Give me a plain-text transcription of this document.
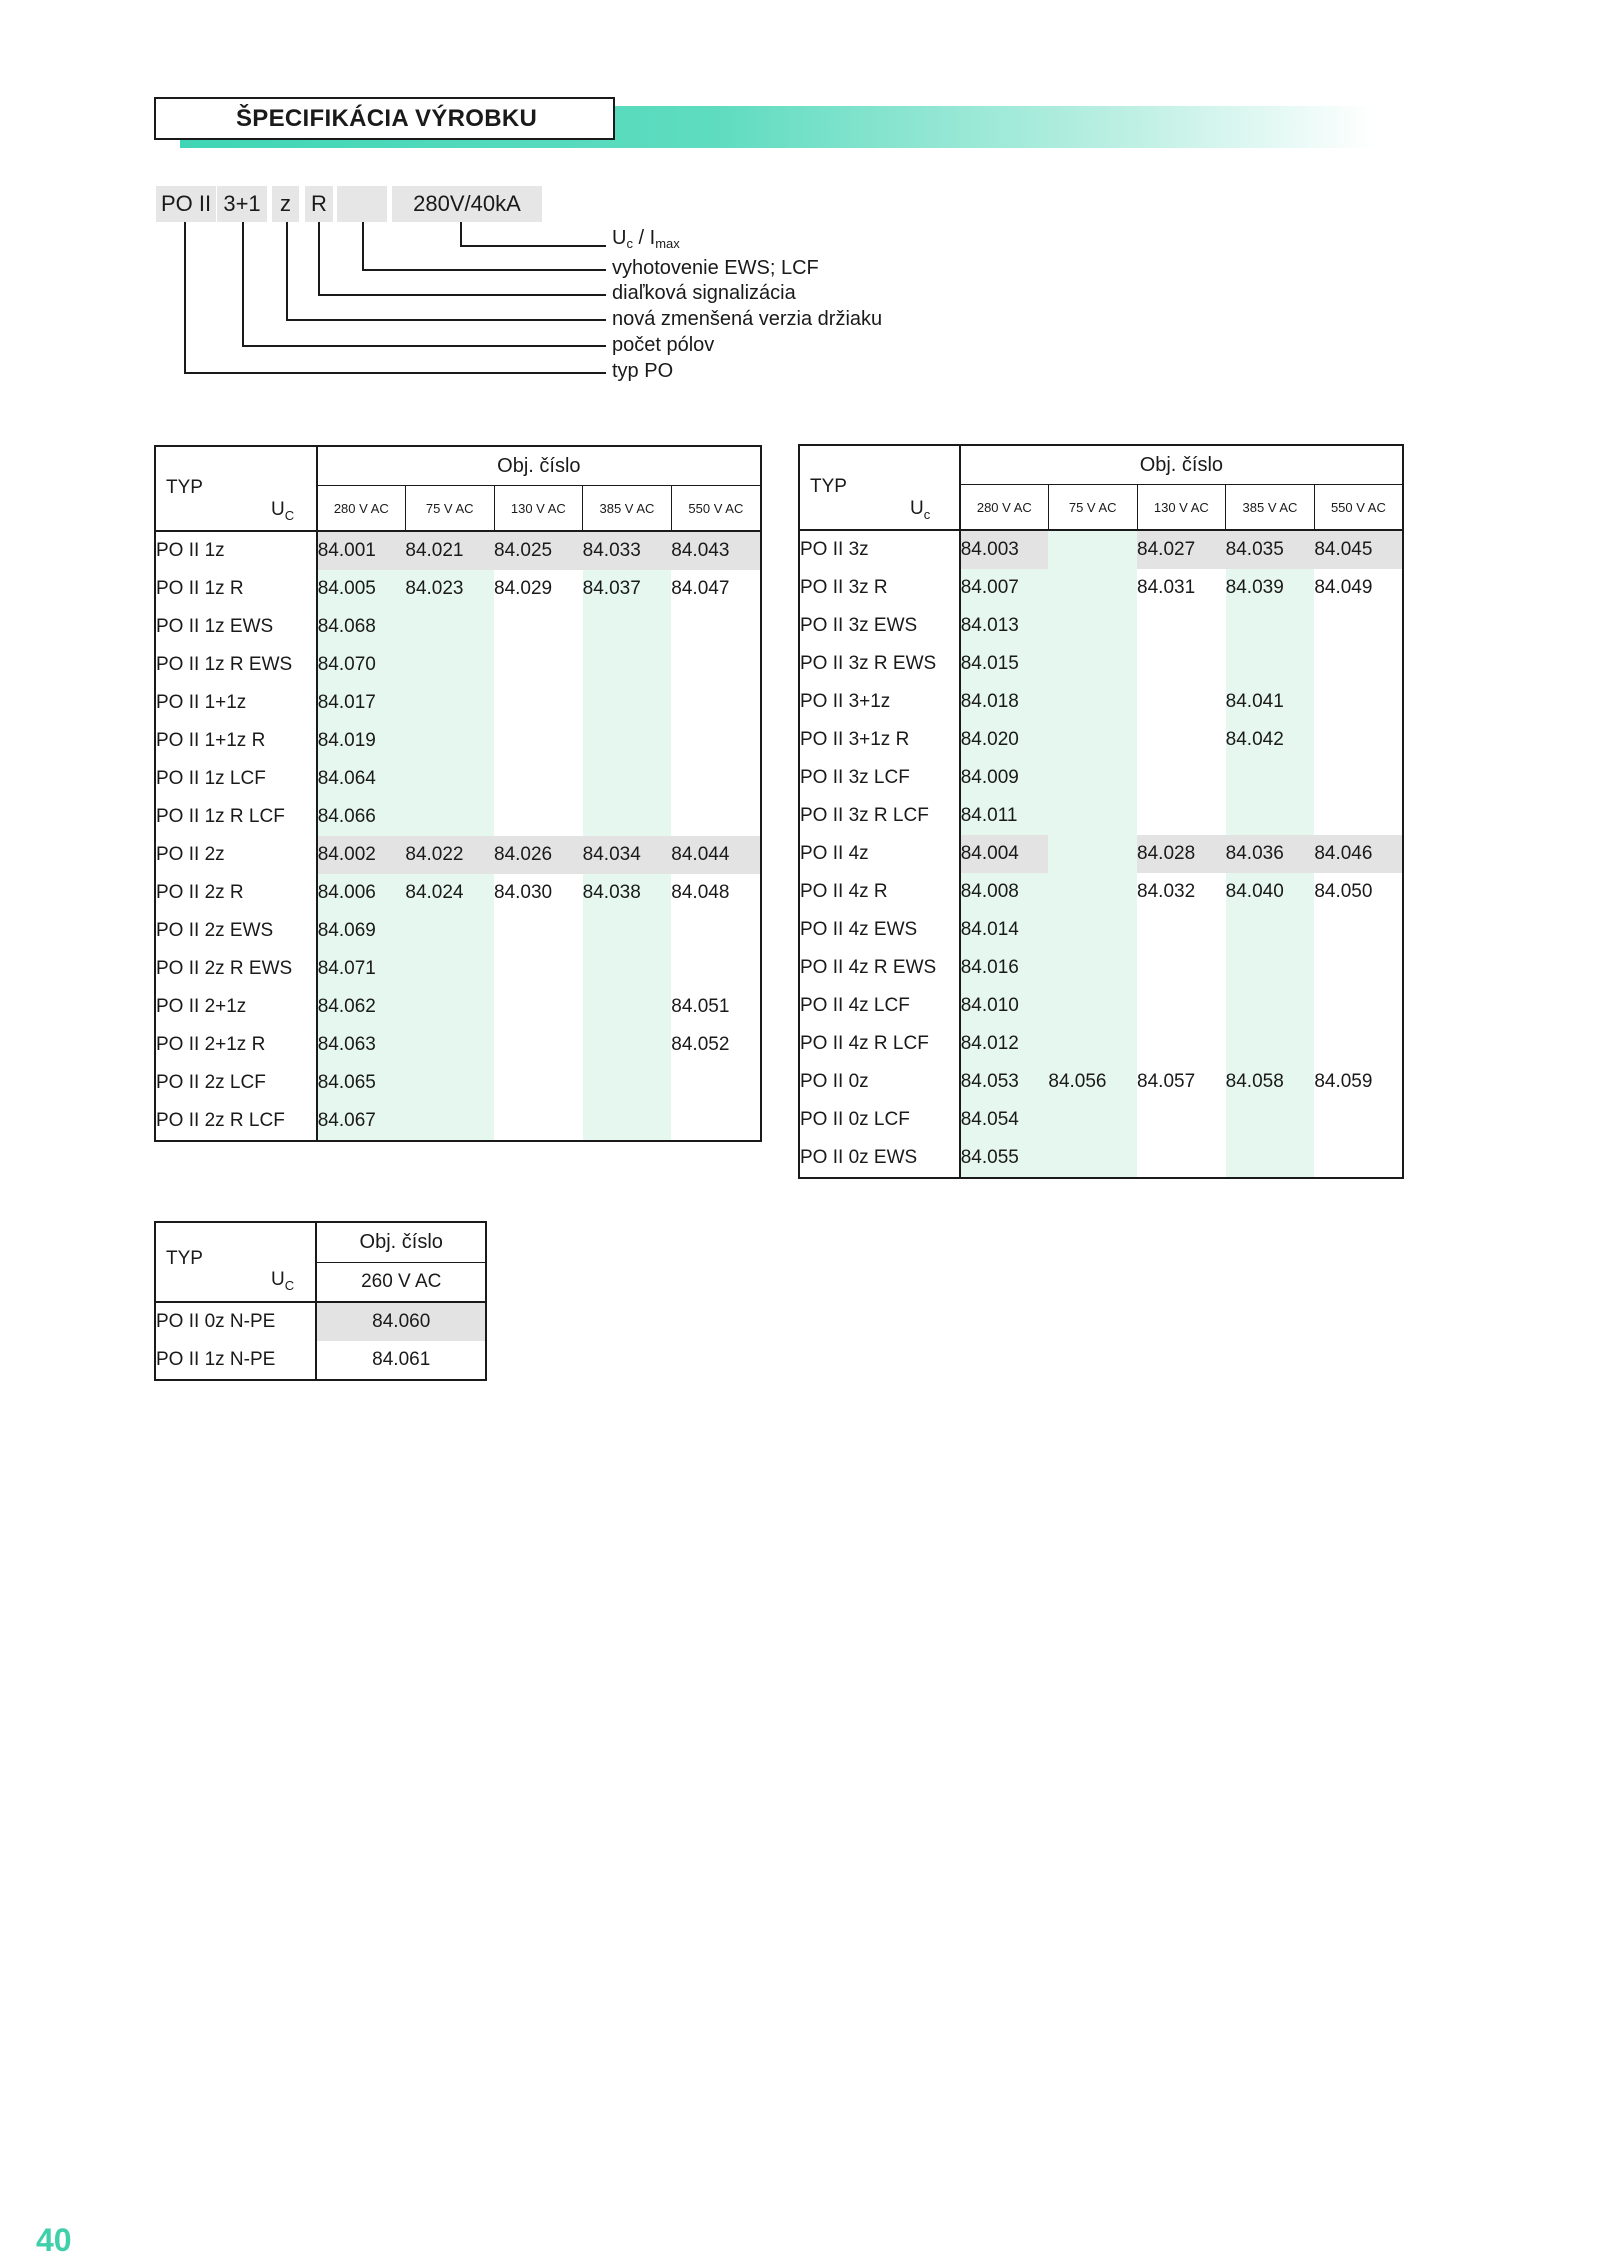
ŠPECIFIKÁCIA VÝROBKU
PO II 3+1 z R	280V/40kA
$U_c / I_{max}$
vyhotovenie EWS; LCF
diaľková signalizácia
nová zmenšená verzia držiaku
počet pólov
typ PO
TYP
$U_C$	Obj. číslo				
	280 V AC	75 V AC	130 V AC	385 V AC	550 V AC
PO II 1z	84.001	84.021	84.025	84.033	84.043
PO II 1z R	84.005	84.023	84.029	84.037	84.047
PO II 1z EWS	84.068				
PO II 1z R EWS	84.070				
PO II 1+1z	84.017				
PO II 1+1z R	84.019				
PO II 1z LCF	84.064				
PO II 1z R LCF	84.066				
PO II 2z	84.002	84.022	84.026	84.034	84.044
PO II 2z R	84.006	84.024	84.030	84.038	84.048
PO II 2z EWS	84.069				
PO II 2z R EWS	84.071				
PO II 2+1z	84.062				84.051
PO II 2+1z R	84.063				84.052
PO II 2z LCF	84.065				
PO II 2z R LCF	84.067				
TYP
$U_c$	Obj. číslo				
	280 V AC	75 V AC	130 V AC	385 V AC	550 V AC
PO II 3z	84.003		84.027	84.035	84.045
PO II 3z R	84.007		84.031	84.039	84.049
PO II 3z EWS	84.013				
PO II 3z R EWS	84.015				
PO II 3+1z	84.018			84.041	
PO II 3+1z R	84.020			84.042	
PO II 3z LCF	84.009				
PO II 3z R LCF	84.011				
PO II 4z	84.004		84.028	84.036	84.046
PO II 4z R	84.008		84.032	84.040	84.050
PO II 4z EWS	84.014				
PO II 4z R EWS	84.016				
PO II 4z LCF	84.010				
PO II 4z R LCF	84.012				
PO II 0z	84.053	84.056	84.057	84.058	84.059
PO II 0z LCF	84.054				
PO II 0z EWS	84.055				
TYP
$U_C$	Obj. číslo
	260 V AC
PO II 0z N-PE	84.060
PO II 1z N-PE	84.061
40
